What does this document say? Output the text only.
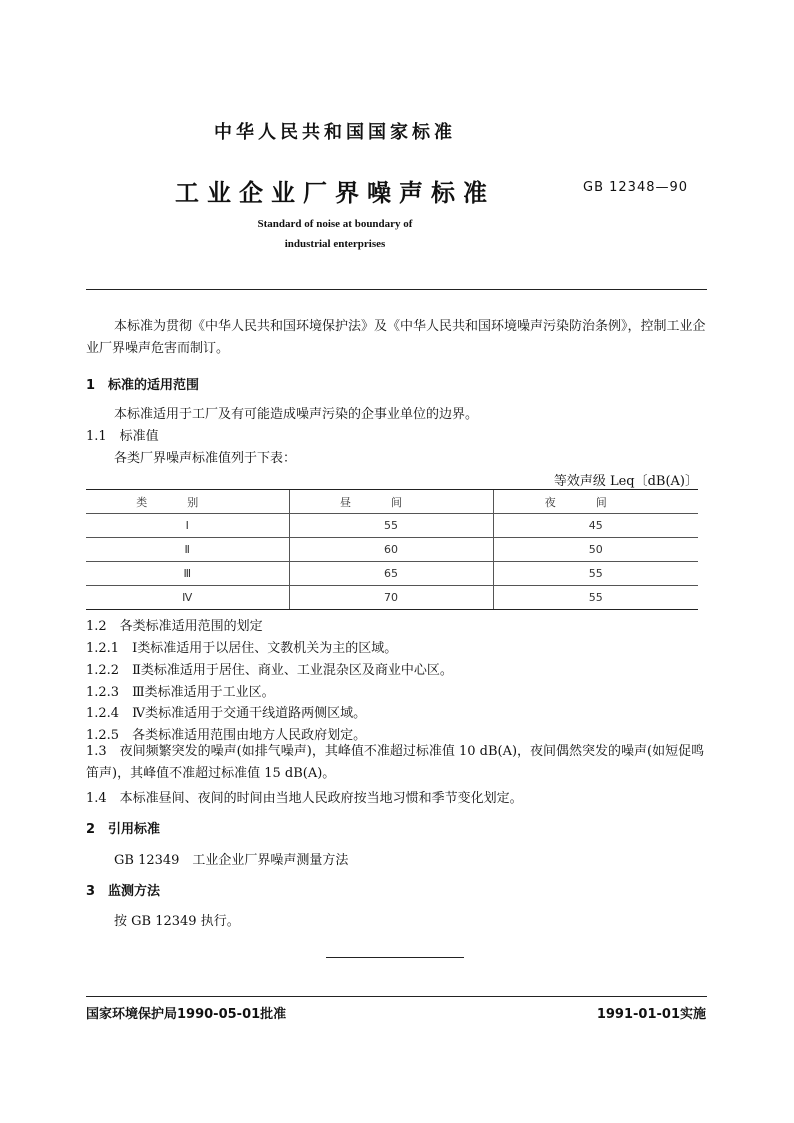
中华人民共和国国家标准
工业企业厂界噪声标准	GB 12348—90
Standard of noise at boundary of
industrial enterprises
本标准为贯彻《中华人民共和国环境保护法》及《中华人民共和国环境噪声污染防治条例》，控制工业企业厂界噪声危害而制订。
1　标准的适用范围
本标准适用于工厂及有可能造成噪声污染的企事业单位的边界。
1.1　标准值
各类厂界噪声标准值列于下表：
等效声级 Leq〔dB(A)〕
类别	昼间	夜间
Ⅰ	55	45
Ⅱ	60	50
Ⅲ	65	55
Ⅳ	70	55
1.2　各类标准适用范围的划定
1.2.1　Ⅰ类标准适用于以居住、文教机关为主的区域。
1.2.2　Ⅱ类标准适用于居住、商业、工业混杂区及商业中心区。
1.2.3　Ⅲ类标准适用于工业区。
1.2.4　Ⅳ类标准适用于交通干线道路两侧区域。
1.2.5　各类标准适用范围由地方人民政府划定。
1.3　夜间频繁突发的噪声(如排气噪声)，其峰值不准超过标准值 10 dB(A)，夜间偶然突发的噪声(如短促鸣笛声)，其峰值不准超过标准值 15 dB(A)。
1.4　本标准昼间、夜间的时间由当地人民政府按当地习惯和季节变化划定。
2　引用标准
GB 12349　工业企业厂界噪声测量方法
3　监测方法
按 GB 12349 执行。
国家环境保护局1990-05-01批准	1991-01-01实施
